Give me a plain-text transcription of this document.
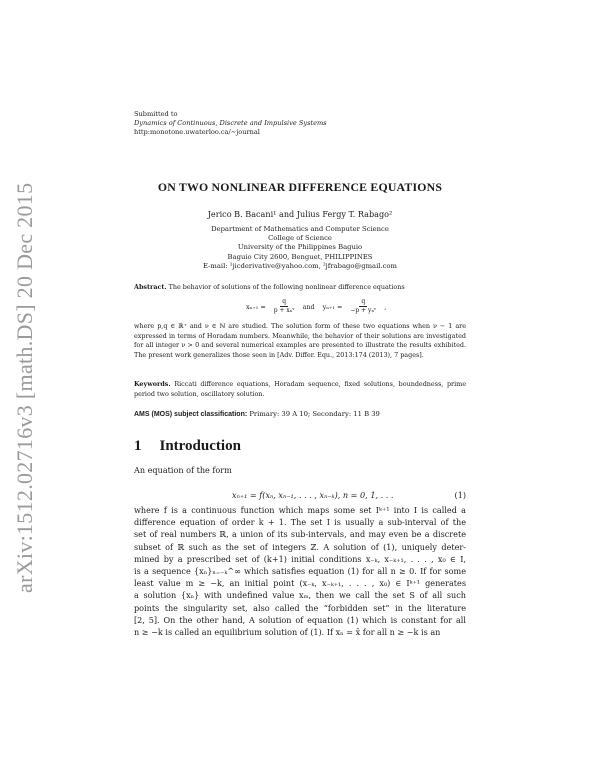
arXiv:1512.02716v3 [math.DS] 20 Dec 2015
Submitted to
Dynamics of Continuous, Discrete and Impulsive Systems
http:monotone.uwaterloo.ca/∼journal
ON TWO NONLINEAR DIFFERENCE EQUATIONS
Jerico B. Bacani¹ and Julius Fergy T. Rabago²
Department of Mathematics and Computer Science
College of Science
University of the Philippines Baguio
Baguio City 2600, Benguet, PHILIPPINES
E-mail: ¹jicderivative@yahoo.com, ²jfrabago@gmail.com
Abstract. The behavior of solutions of the following nonlinear difference equations
$x_{n+1} = \frac{q}{\text{p + xₙᵛ}}$ and $y_{n+1} = \frac{q}{\text{−p + yₙᵛ}}$ ,
where p,q ∈ ℝ⁺ and ν ∈ ℕ are studied. The solution form of these two equations when ν − 1 are expressed in terms of Horadam numbers. Meanwhile, the behavior of their solutions are investigated for all integer ν > 0 and several numerical examples are presented to illustrate the results exhibited. The present work generalizes those seen in [Adv. Differ. Equ., 2013:174 (2013), 7 pages].
Keywords. Riccati difference equations, Horadam sequence, fixed solutions, boundedness, prime period two solution, oscillatory solution.
AMS (MOS) subject classification: Primary: 39 A 10; Secondary: 11 B 39
1 Introduction
An equation of the form
xₙ₊₁ = f(xₙ, xₙ₋₁, . . . , xₙ₋ₖ), n = 0, 1, . . .	(1)

where f is a continuous function which maps some set Iᵏ⁺¹ into I is called a

difference equation of order k + 1. The set I is usually a sub-interval of the

set of real numbers ℝ, a union of its sub-intervals, and may even be a discrete

subset of ℝ such as the set of integers ℤ. A solution of (1), uniquely deter-

mined by a prescribed set of (k+1) initial conditions x₋ₖ, x₋ₖ₊₁, . . . , x₀ ∈ I,

is a sequence {xₙ}ₙ₌₋ₖ^∞ which satisfies equation (1) for all n ≥ 0. If for some

least value m ≥ −k, an initial point (x₋ₖ, x₋ₖ₊₁, . . . , x₀) ∈ Iᵏ⁺¹ generates

a solution {xₙ} with undefined value xₘ, then we call the set S of all such

points the singularity set, also called the “forbidden set” in the literature

[2, 5]. On the other hand, A solution of equation (1) which is constant for all

n ≥ −k is called an equilibrium solution of (1). If xₙ = x̄ for all n ≥ −k is an
